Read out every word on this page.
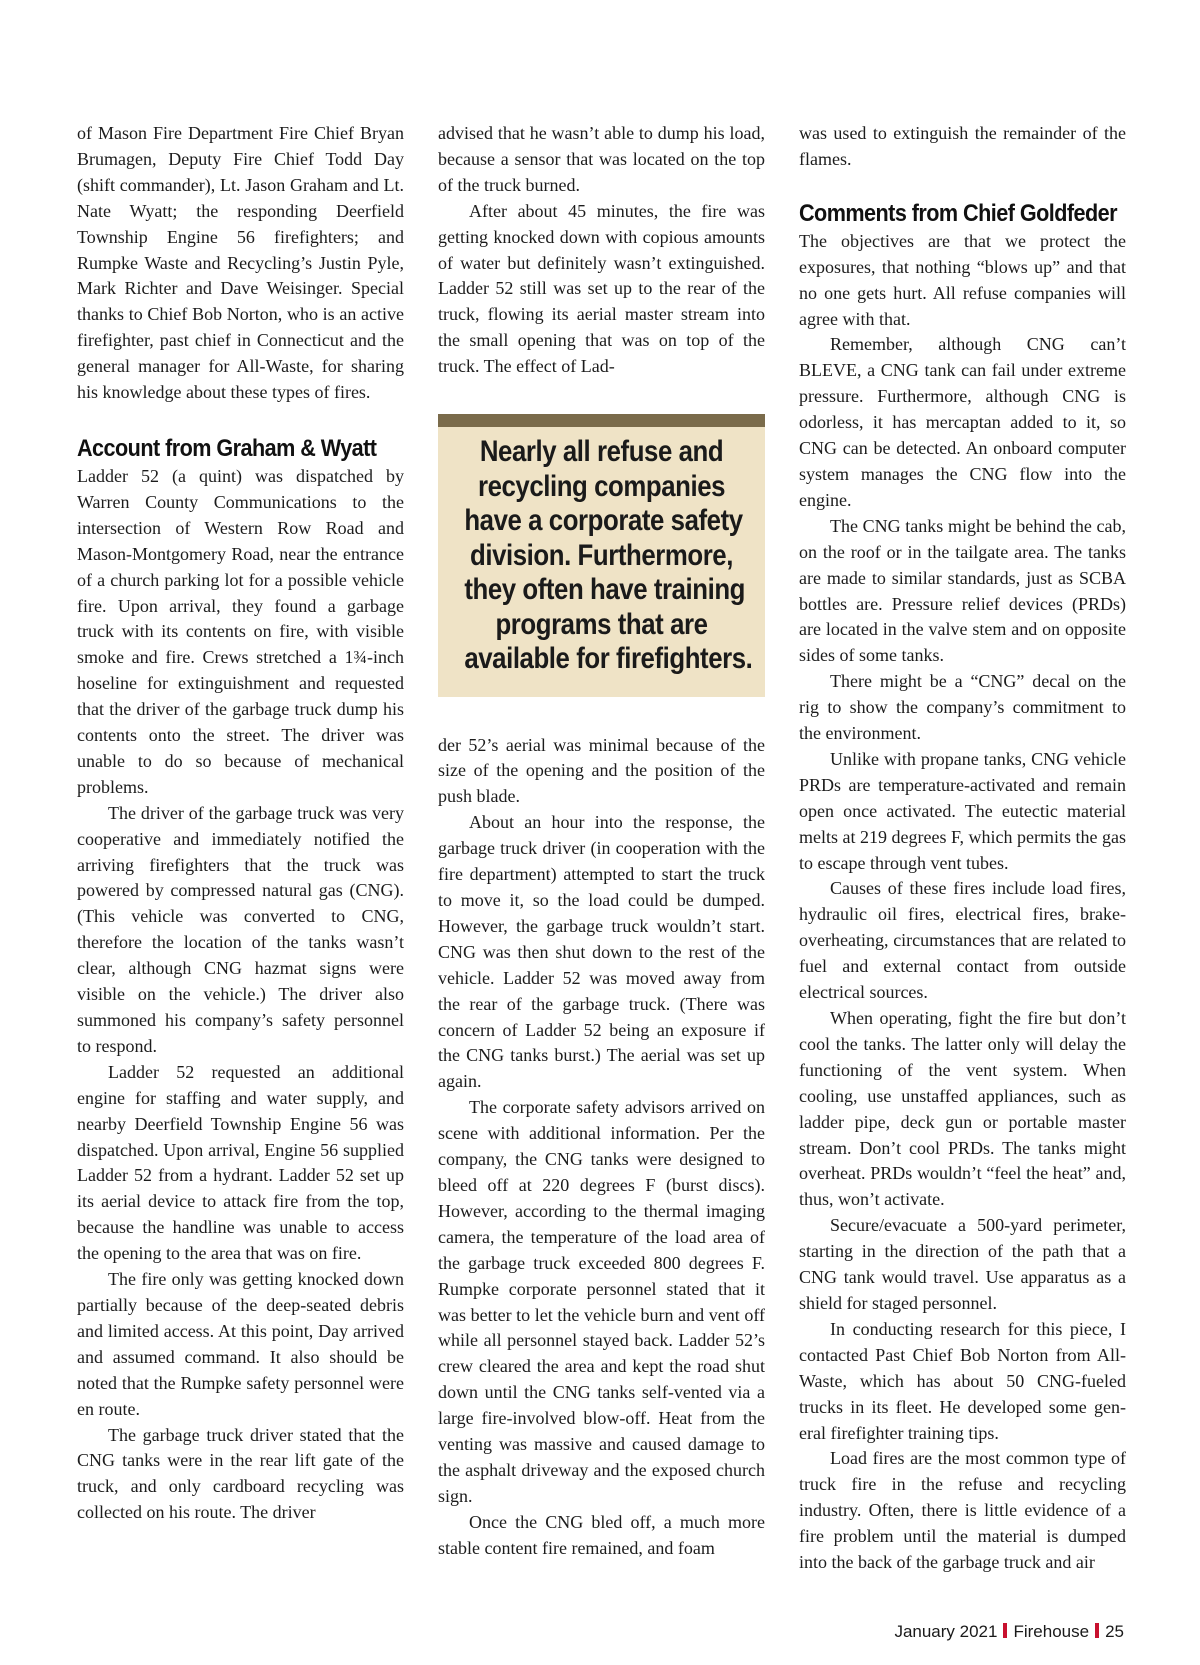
of Mason Fire Department Fire Chief Bryan Brumagen, Deputy Fire Chief Todd Day (shift commander), Lt. Jason Graham and Lt. Nate Wyatt; the responding Deerfield Township Engine 56 firefighters; and Rumpke Waste and Recycling’s Justin Pyle, Mark Richter and Dave Weisinger. Special thanks to Chief Bob Norton, who is an active firefighter, past chief in Connecticut and the general manager for All-Waste, for sharing his knowledge about these types of fires.

Account from Graham & Wyatt

Ladder 52 (a quint) was dispatched by Warren County Communications to the intersection of Western Row Road and Mason-Montgomery Road, near the entrance of a church parking lot for a possible vehicle fire. Upon arrival, they found a garbage truck with its contents on fire, with visible smoke and fire. Crews stretched a 1¾-inch hoseline for extinguishment and requested that the driver of the garbage truck dump his contents onto the street. The driver was unable to do so because of mechanical problems.

The driver of the garbage truck was very cooperative and immediately notified the arriving firefighters that the truck was powered by compressed natural gas (CNG). (This vehicle was converted to CNG, therefore the location of the tanks wasn’t clear, although CNG hazmat signs were visible on the vehicle.) The driver also summoned his company’s safety personnel to respond.

Ladder 52 requested an additional engine for staffing and water supply, and nearby Deerfield Township Engine 56 was dispatched. Upon arrival, Engine 56 supplied Ladder 52 from a hydrant. Ladder 52 set up its aerial device to attack fire from the top, because the handline was unable to access the opening to the area that was on fire.

The fire only was getting knocked down partially because of the deep-seated debris and limited access. At this point, Day arrived and assumed command. It also should be noted that the Rumpke safety personnel were en route.

The garbage truck driver stated that the CNG tanks were in the rear lift gate of the truck, and only cardboard recycling was collected on his route. The driver

advised that he wasn’t able to dump his load, because a sensor that was located on the top of the truck burned.

After about 45 minutes, the fire was getting knocked down with copious amounts of water but definitely wasn’t extinguished. Ladder 52 still was set up to the rear of the truck, flowing its aerial master stream into the small opening that was on top of the truck. The effect of Lad-

Nearly all refuse and
recycling companies
have a corporate safety
division. Furthermore,
they often have training
programs that are
available for firefighters.

der 52’s aerial was minimal because of the size of the opening and the position of the push blade.

About an hour into the response, the garbage truck driver (in cooperation with the fire department) attempted to start the truck to move it, so the load could be dumped. However, the garbage truck wouldn’t start. CNG was then shut down to the rest of the vehicle. Ladder 52 was moved away from the rear of the garbage truck. (There was concern of Ladder 52 being an exposure if the CNG tanks burst.) The aerial was set up again.

The corporate safety advisors arrived on scene with additional information. Per the company, the CNG tanks were designed to bleed off at 220 degrees F (burst discs). However, according to the thermal imaging camera, the temperature of the load area of the garbage truck exceeded 800 degrees F. Rumpke corporate personnel stated that it was better to let the vehicle burn and vent off while all personnel stayed back. Ladder 52’s crew cleared the area and kept the road shut down until the CNG tanks self-vented via a large fire-involved blow-off. Heat from the venting was massive and caused damage to the asphalt driveway and the exposed church sign.

Once the CNG bled off, a much more stable content fire remained, and foam

was used to extinguish the remainder of the flames.

Comments from Chief Goldfeder

The objectives are that we protect the exposures, that nothing “blows up” and that no one gets hurt. All refuse companies will agree with that.

Remember, although CNG can’t BLEVE, a CNG tank can fail under extreme pressure. Furthermore, although CNG is odorless, it has mercaptan added to it, so CNG can be detected. An onboard computer system manages the CNG flow into the engine.

The CNG tanks might be behind the cab, on the roof or in the tailgate area. The tanks are made to similar standards, just as SCBA bottles are. Pressure relief devices (PRDs) are located in the valve stem and on opposite sides of some tanks.

There might be a “CNG” decal on the rig to show the company’s commitment to the environment.

Unlike with propane tanks, CNG vehicle PRDs are temperature-activated and remain open once activated. The eutectic material melts at 219 degrees F, which permits the gas to escape through vent tubes.

Causes of these fires include load fires, hydraulic oil fires, electrical fires, brake-overheating, circumstances that are related to fuel and external contact from outside electrical sources.

When operating, fight the fire but don’t cool the tanks. The latter only will delay the functioning of the vent system. When cooling, use unstaffed appliances, such as ladder pipe, deck gun or portable master stream. Don’t cool PRDs. The tanks might overheat. PRDs wouldn’t “feel the heat” and, thus, won’t activate.

Secure/evacuate a 500-yard perimeter, starting in the direction of the path that a CNG tank would travel. Use apparatus as a shield for staged personnel.

In conducting research for this piece, I contacted Past Chief Bob Norton from All-Waste, which has about 50 CNG-fueled trucks in its fleet. He developed some general firefighter training tips.

Load fires are the most common type of truck fire in the refuse and recycling industry. Often, there is little evidence of a fire problem until the material is dumped into the back of the garbage truck and air

January 2021 Firehouse 25
